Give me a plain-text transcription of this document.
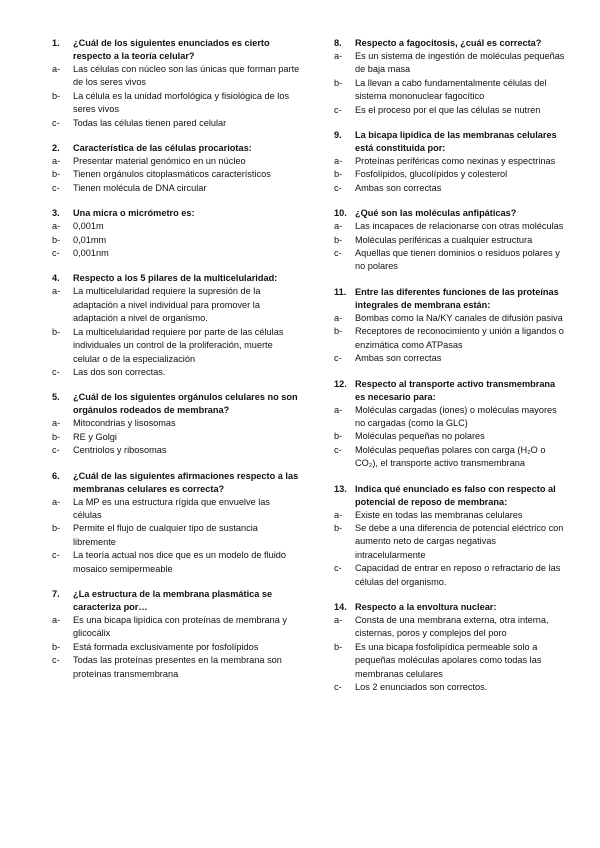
1.	¿Cuál de los siguientes enunciados es cierto respecto a la teoría celular?
a-	Las células con núcleo son las únicas que forman parte de los seres vivos
b-	La célula es la unidad morfológica y fisiológica de los seres vivos
c-	Todas las células tienen pared celular
2.	Característica de las células procariotas:
a-	Presentar material genómico en un núcleo
b-	Tienen orgánulos citoplasmáticos característicos
c-	Tienen molécula de DNA circular
3.	Una micra o micrómetro es:
a-	0,001m
b-	0,01mm
c-	0,001nm
4.	Respecto a los 5 pilares de la multicelularidad:
a-	La multicelularidad requiere la supresión de la adaptación a nivel individual para promover la adaptación a nivel de organismo.
b-	La multicelularidad requiere por parte de las células individuales un control de la proliferación, muerte celular o de la especialización
c-	Las dos son correctas.
5.	¿Cuál de los siguientes orgánulos celulares no son orgánulos rodeados de membrana?
a-	Mitocondrias y lisosomas
b-	RE y Golgi
c-	Centriolos y ribosomas
6.	¿Cuál de las siguientes afirmaciones respecto a las membranas celulares es correcta?
a-	La MP es una estructura rígida que envuelve las células
b-	Permite el flujo de cualquier tipo de sustancia libremente
c-	La teoría actual nos dice que es un modelo de fluido mosaico semipermeable
7.	¿La estructura de la membrana plasmática se caracteriza por…
a-	Es una bicapa lipídica con proteínas de membrana y glicocálix
b-	Está formada exclusivamente por fosfolípidos
c-	Todas las proteínas presentes en la membrana son proteínas transmembrana
8.	Respecto a fagocitosis, ¿cuál es correcta?
a-	Es un sistema de ingestión de moléculas pequeñas de baja masa
b-	La llevan a cabo fundamentalmente células del sistema mononuclear fagocítico
c-	Es el proceso por el que las células se nutren
9.	La bicapa lipídica de las membranas celulares está constituida por:
a-	Proteínas periféricas como nexinas y espectrinas
b-	Fosfolípidos, glucolípidos y colesterol
c-	Ambas son correctas
10. ¿Qué son las moléculas anfipáticas?
a-	Las incapaces de relacionarse con otras moléculas
b-	Moléculas periféricas a cualquier estructura
c-	Aquellas que tienen dominios o residuos polares y no polares
11. Entre las diferentes funciones de las proteínas integrales de membrana están:
a-	Bombas como la Na/KY canales de difusión pasiva
b-	Receptores de reconocimiento y unión a ligandos o enzimática como ATPasas
c-	Ambas son correctas
12. Respecto al transporte activo transmembrana es necesario para:
a-	Moléculas cargadas (iones) o moléculas mayores no cargadas (como la GLC)
b-	Moléculas pequeñas no polares
c-	Moléculas pequeñas polares con carga (H₂O o CO₂), el transporte activo transmembrana
13. Indica qué enunciado es falso con respecto al potencial de reposo de membrana:
a-	Existe en todas las membranas celulares
b-	Se debe a una diferencia de potencial eléctrico con aumento neto de cargas negativas intracelularmente
c-	Capacidad de entrar en reposo o refractario de las células del organismo.
14. Respecto a la envoltura nuclear:
a-	Consta de una membrana externa, otra interna, cisternas, poros y complejos del poro
b-	Es una bicapa fosfolipídica permeable solo a pequeñas moléculas apolares como todas las membranas celulares
c-	Los 2 enunciados son correctos.
